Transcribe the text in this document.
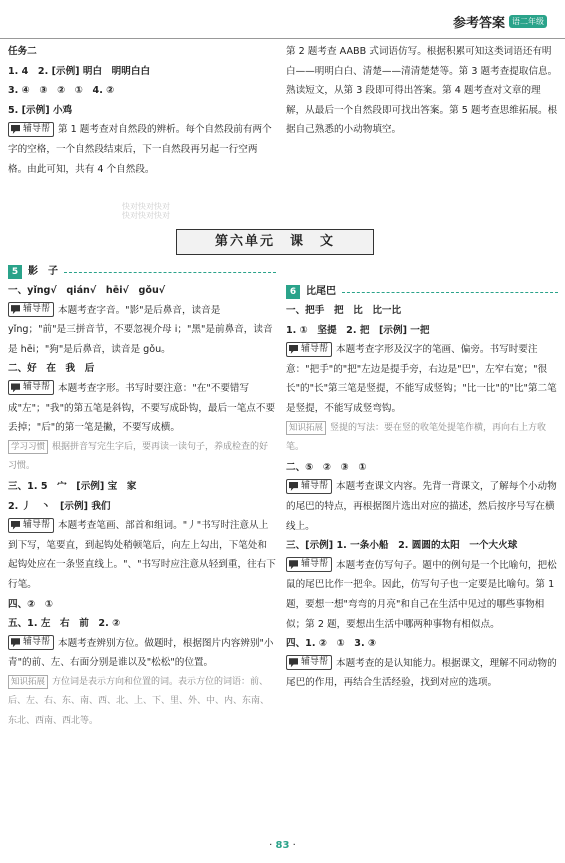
参考答案 语二年级
任务二
1. 4　2. [示例] 明白　明明白白
3. ④　③　②　①　4. ②
5. [示例] 小鸡
辅导帮 第 1 题考查对自然段的辨析。每个自然段前有两个字的空格，一个自然段结束后，下一自然段再另起一行空两格。由此可知，共有 4 个自然段。
第 2 题考查 AABB 式词语仿写。根据积累可知这类词语还有明白——明明白白、清楚——清清楚楚等。第 3 题考查提取信息。熟读短文，从第 3 段即可得出答案。第 4 题考查对文章的理解，从最后一个自然段即可找出答案。第 5 题考查思维拓展。根据自己熟悉的小动物填空。
快对快对快对
快对快对快对
第六单元　课　文
5 影　子
一、yǐng√　qián√　hēi√　gǒu√
辅导帮 本题考查字音。"影"是后鼻音，读音是 yǐng；"前"是三拼音节，不要忽视介母 i；"黑"是前鼻音，读音是 hēi；"狗"是后鼻音，读音是 gǒu。
二、好　在　我　后
辅导帮 本题考查字形。书写时要注意："在"不要错写成"左"；"我"的第五笔是斜钩，不要写成卧钩，最后一笔点不要丢掉；"后"的第一笔是撇，不要写成横。
学习习惯 根据拼音写完生字后，要再读一读句子，养成检查的好习惯。
三、1. 5　宀　[示例] 宝　家
2. 丿　丶　[示例] 我们
辅导帮 本题考查笔画、部首和组词。"丿"书写时注意从上到下写，笔要直，到起钩处稍顿笔后，向左上勾出，下笔处和起钩处应在一条竖直线上。"、"书写时应注意从轻到重，往右下行笔。
四、②　①
五、1. 左　右　前　2. ②
辅导帮 本题考查辨别方位。做题时，根据图片内容辨别"小青"的前、左、右面分别是谁以及"松松"的位置。
知识拓展 方位词是表示方向和位置的词。表示方位的词语：前、后、左、右、东、南、西、北、上、下、里、外、中、内、东南、东北、西南、西北等。
6 比尾巴
一、把手　把　比　比一比
1. ①　坚提　2. 把　[示例] 一把
辅导帮 本题考查字形及汉字的笔画、偏旁。书写时要注意："把手"的"把"左边是提手旁，右边是"巴"，左窄右宽；"很长"的"长"第三笔是竖提，不能写成竖钩；"比一比"的"比"第二笔是竖提，不能写成竖弯钩。
知识拓展 竖提的写法：要在竖的收笔处提笔作横，再向右上方收笔。
二、⑤　②　③　①
辅导帮 本题考查课文内容。先背一背课文，了解每个小动物的尾巴的特点，再根据图片选出对应的描述，然后按序号写在横线上。
三、[示例] 1. 一条小船　2. 圆圆的太阳　一个大火球
辅导帮 本题考查仿写句子。题中的例句是一个比喻句，把松鼠的尾巴比作一把伞。因此，仿写句子也一定要是比喻句。第 1 题，要想一想"弯弯的月亮"和自己在生活中见过的哪些事物相似；第 2 题，要想出生活中哪两种事物有相似点。
四、1. ②　①　3. ③
辅导帮 本题考查的是认知能力。根据课文，理解不同动物的尾巴的作用，再结合生活经验，找到对应的选项。
· 83 ·
